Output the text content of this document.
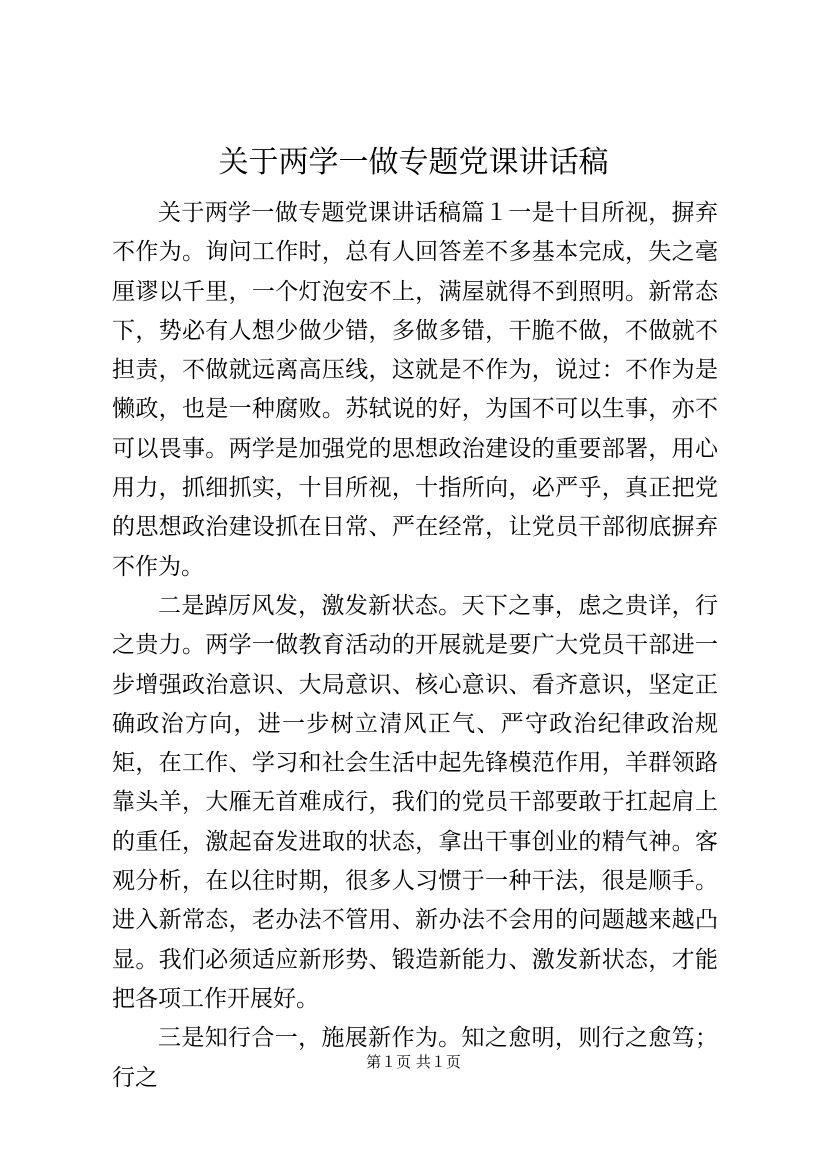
关于两学一做专题党课讲话稿

关于两学一做专题党课讲话稿篇１一是十目所视，摒弃不作为。询问工作时，总有人回答差不多基本完成，失之毫厘谬以千里，一个灯泡安不上，满屋就得不到照明。新常态下，势必有人想少做少错，多做多错，干脆不做，不做就不担责，不做就远离高压线，这就是不作为，说过：不作为是懒政，也是一种腐败。苏轼说的好，为国不可以生事，亦不可以畏事。两学是加强党的思想政治建设的重要部署，用心用力，抓细抓实，十目所视，十指所向，必严乎，真正把党的思想政治建设抓在日常、严在经常，让党员干部彻底摒弃不作为。

二是踔厉风发，激发新状态。天下之事，虑之贵详，行之贵力。两学一做教育活动的开展就是要广大党员干部进一步增强政治意识、大局意识、核心意识、看齐意识，坚定正确政治方向，进一步树立清风正气、严守政治纪律政治规矩，在工作、学习和社会生活中起先锋模范作用，羊群领路靠头羊，大雁无首难成行，我们的党员干部要敢于扛起肩上的重任，激起奋发进取的状态，拿出干事创业的精气神。客观分析，在以往时期，很多人习惯于一种干法，很是顺手。进入新常态，老办法不管用、新办法不会用的问题越来越凸显。我们必须适应新形势、锻造新能力、激发新状态，才能把各项工作开展好。

三是知行合一，施展新作为。知之愈明，则行之愈笃；行之

第１页 共１页
